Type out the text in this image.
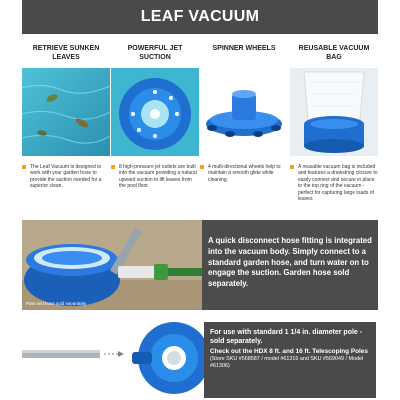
LEAF VACUUM
RETRIEVE SUNKEN LEAVES
The Leaf Vacuum is designed to work with your garden hose to provide the suction needed for a superior clean.
POWERFUL JET SUCTION
8 high-pressure jet outlets are built into the vacuum providing a natural upward suction to lift leaves from the pool floor.
SPINNER WHEELS
4 multi-directional wheels help to maintain a smooth glide while cleaning.
REUSABLE VACUUM BAG
A reusable vacuum bag is included and features a drawstring closure to easily connect and secure in place to the top ring of the vacuum - perfect for capturing large loads of leaves
Pole and hose sold separately
A quick disconnect hose fitting is integrated into the vacuum body. Simply connect to a standard garden hose, and turn water on to engage the suction. Garden hose sold separately.
For use with standard 1 1/4 in. diameter pole - sold separately.
Check out the HDX 8 ft. and 16 ft. Telescoping Poles
(Store SKU #568587 / model #61316 and SKU #569049 / Model #61306)
